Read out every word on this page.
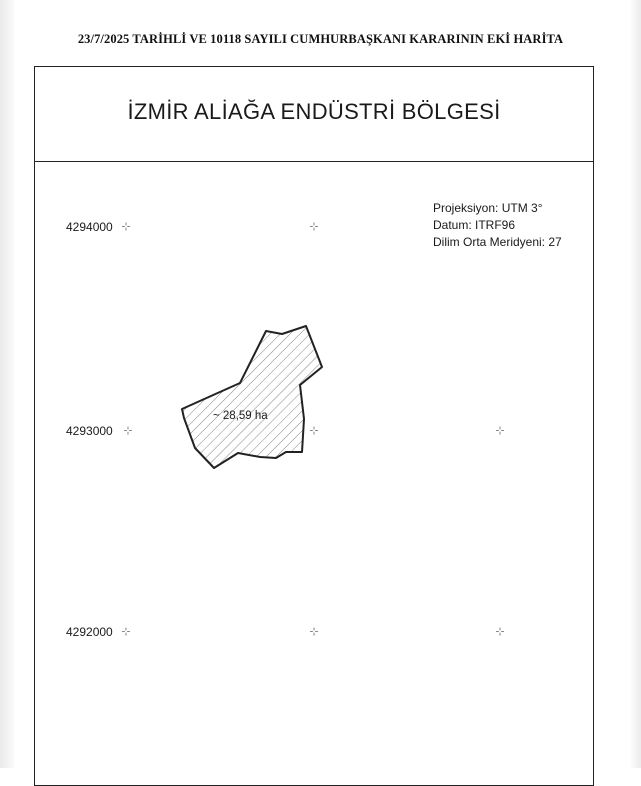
23/7/2025 TARİHLİ VE 10118 SAYILI CUMHURBAŞKANI KARARININ EKİ HARİTA
İZMİR ALİAĞA ENDÜSTRİ BÖLGESİ
Projeksiyon: UTM 3°
Datum: ITRF96
Dilim Orta Meridyeni: 27
4294000
4293000
4292000
⊹	⊹
⊹	⊹	⊹
⊹	⊹	⊹
~ 28,59 ha
